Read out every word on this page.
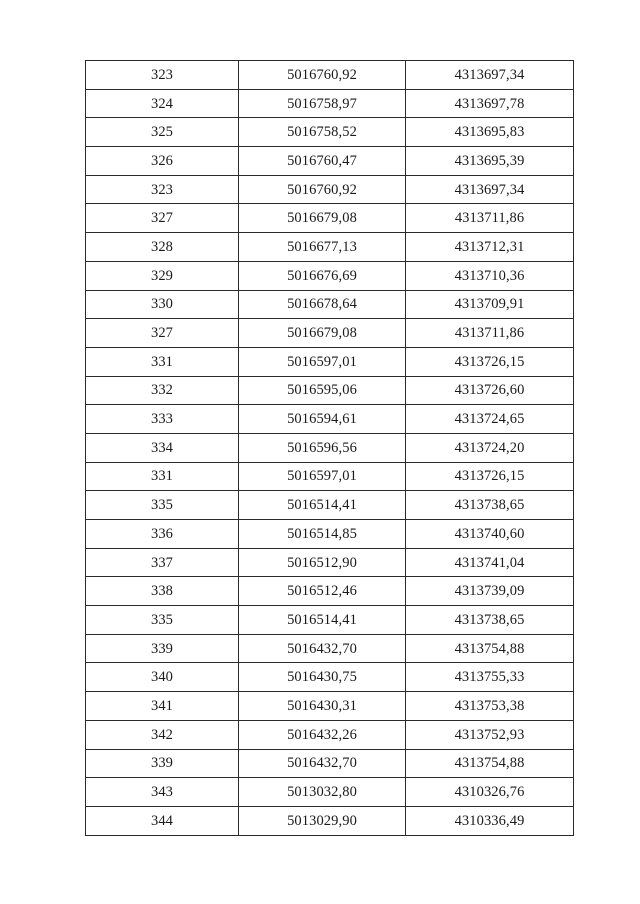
323	5016760,92	4313697,34
324	5016758,97	4313697,78
325	5016758,52	4313695,83
326	5016760,47	4313695,39
323	5016760,92	4313697,34
327	5016679,08	4313711,86
328	5016677,13	4313712,31
329	5016676,69	4313710,36
330	5016678,64	4313709,91
327	5016679,08	4313711,86
331	5016597,01	4313726,15
332	5016595,06	4313726,60
333	5016594,61	4313724,65
334	5016596,56	4313724,20
331	5016597,01	4313726,15
335	5016514,41	4313738,65
336	5016514,85	4313740,60
337	5016512,90	4313741,04
338	5016512,46	4313739,09
335	5016514,41	4313738,65
339	5016432,70	4313754,88
340	5016430,75	4313755,33
341	5016430,31	4313753,38
342	5016432,26	4313752,93
339	5016432,70	4313754,88
343	5013032,80	4310326,76
344	5013029,90	4310336,49
